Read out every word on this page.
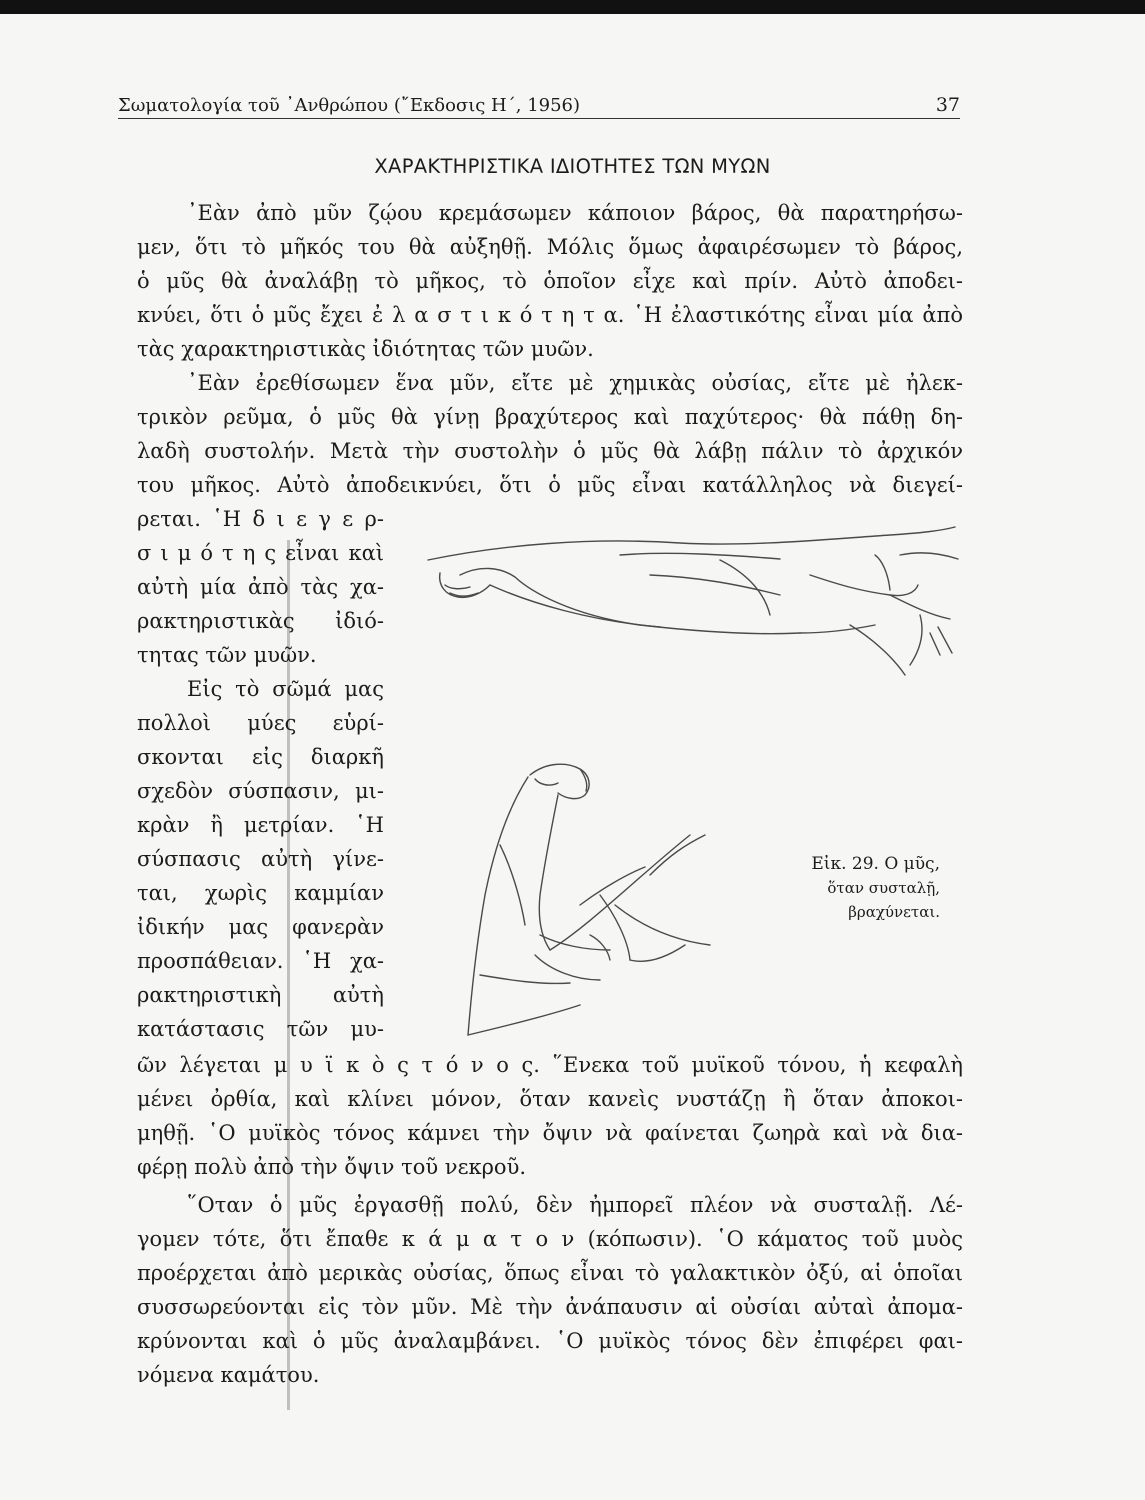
Σωματολογία τοῦ ᾿Ανθρώπου (῎Εκδοσις Η΄, 1956)	37
ΧΑΡΑΚΤΗΡΙΣΤΙΚΑ ΙΔΙΟΤΗΤΕΣ ΤΩΝ ΜΥΩΝ
᾿Εὰν ἀπὸ μῦν ζῴου κρεμάσωμεν κάποιον βάρος, θὰ παρατηρήσω-
μεν, ὅτι τὸ μῆκός του θὰ αὐξηθῇ. Μόλις ὅμως ἀφαιρέσωμεν τὸ βάρος,
ὁ μῦς θὰ ἀναλάβῃ τὸ μῆκος, τὸ ὁποῖον εἶχε καὶ πρίν. Αὐτὸ ἀποδει-
κνύει, ὅτι ὁ μῦς ἔχει ἐ λ α σ τ ι κ ό τ η τ α. ῾Η ἐλαστικότης εἶναι μία ἀπὸ
τὰς χαρακτηριστικὰς ἰδιότητας τῶν μυῶν.
᾿Εὰν ἐρεθίσωμεν ἕνα μῦν, εἴτε μὲ χημικὰς οὐσίας, εἴτε μὲ ἠλεκ-
τρικὸν ρεῦμα, ὁ μῦς θὰ γίνῃ βραχύτερος καὶ παχύτερος· θὰ πάθῃ δη-
λαδὴ συστολήν. Μετὰ τὴν συστολὴν ὁ μῦς θὰ λάβῃ πάλιν τὸ ἀρχικόν
του μῆκος. Αὐτὸ ἀποδεικνύει, ὅτι ὁ μῦς εἶναι κατάλληλος νὰ διεγεί-
ρεται. ῾Η δ ι ε γ ε ρ-
σ ι μ ό τ η ς εἶναι καὶ
αὐτὴ μία ἀπὸ τὰς χα-
ρακτηριστικὰς ἰδιό-
τητας τῶν μυῶν.
Εἰς τὸ σῶμά μας
πολλοὶ μύες εὑρί-
σκονται εἰς διαρκῆ
σχεδὸν σύσπασιν, μι-
κρὰν ἢ μετρίαν. ῾Η
σύσπασις αὐτὴ γίνε-
ται, χωρὶς καμμίαν
ἰδικήν μας φανερὰν
προσπάθειαν. ῾Η χα-
ρακτηριστικὴ αὐτὴ
κατάστασις τῶν μυ-
ῶν λέγεται μ υ ϊ κ ὸ ς τ ό ν ο ς. ῞Ενεκα τοῦ μυϊκοῦ τόνου, ἡ κεφαλὴ
μένει ὀρθία, καὶ κλίνει μόνον, ὅταν κανεὶς νυστάζῃ ἢ ὅταν ἀποκοι-
μηθῇ. ῾Ο μυϊκὸς τόνος κάμνει τὴν ὄψιν νὰ φαίνεται ζωηρὰ καὶ νὰ δια-
φέρῃ πολὺ ἀπὸ τὴν ὄψιν τοῦ νεκροῦ.
῞Οταν ὁ μῦς ἐργασθῇ πολύ, δὲν ἠμπορεῖ πλέον νὰ συσταλῇ. Λέ-
γομεν τότε, ὅτι ἔπαθε κ ά μ α τ ο ν (κόπωσιν). ῾Ο κάματος τοῦ μυὸς
προέρχεται ἀπὸ μερικὰς οὐσίας, ὅπως εἶναι τὸ γαλακτικὸν ὀξύ, αἱ ὁποῖαι
συσσωρεύονται εἰς τὸν μῦν. Μὲ τὴν ἀνάπαυσιν αἱ οὐσίαι αὐταὶ ἀπομα-
κρύνονται καὶ ὁ μῦς ἀναλαμβάνει. ῾Ο μυϊκὸς τόνος δὲν ἐπιφέρει φαι-
νόμενα καμάτου.
Εἰκ. 29. Ο μῦς,
ὅταν συσταλῇ,
βραχύνεται.
